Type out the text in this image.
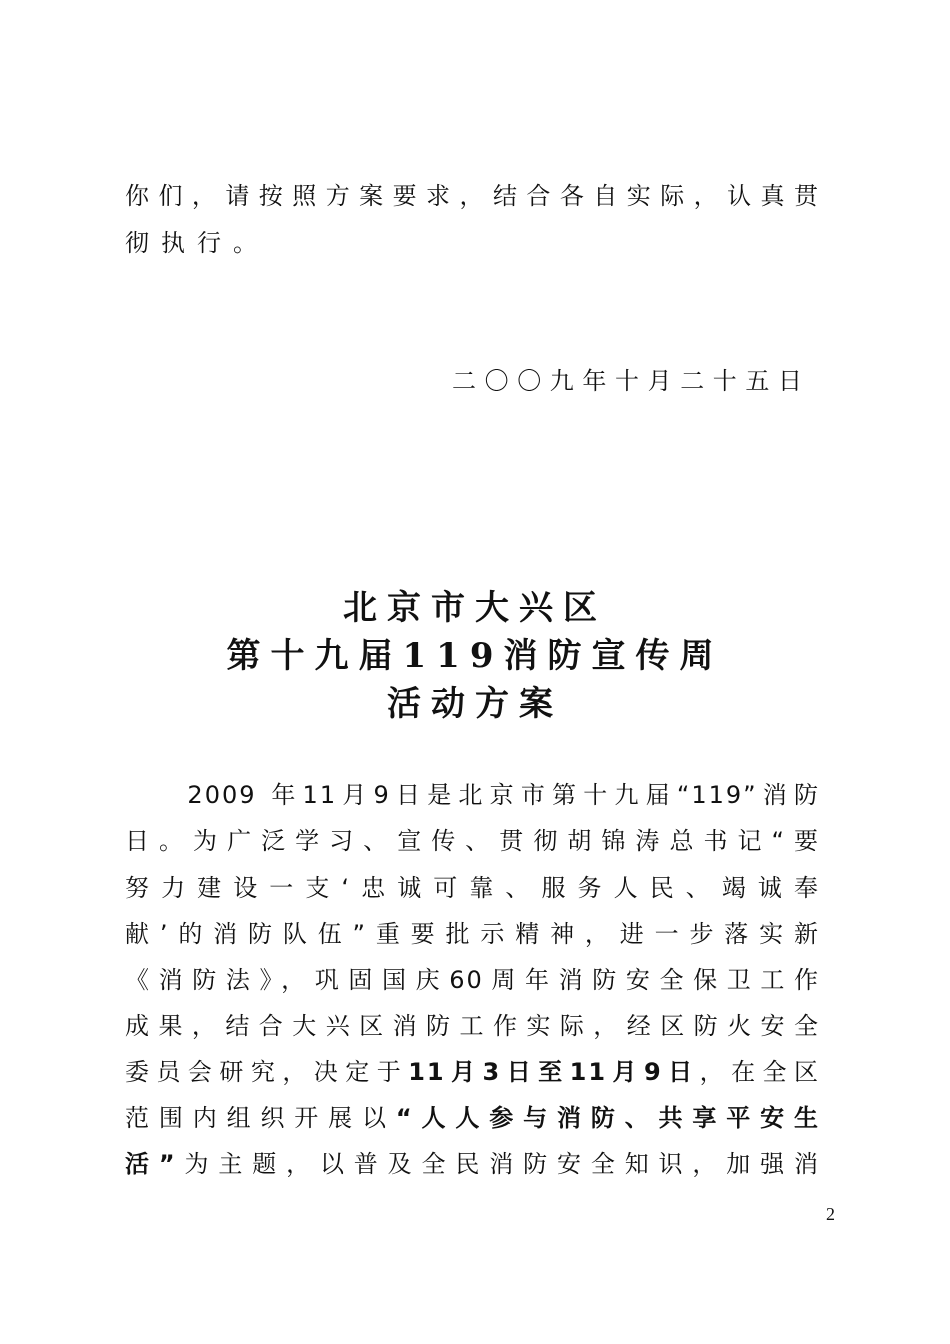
你们，请按照方案要求，结合各自实际，认真贯
彻执行。
二〇〇九年十月二十五日
北京市大兴区
第十九届119消防宣传周
活动方案
　　2009 年11月9日是北京市第十九届“119”消防
日。为广泛学习、宣传、贯彻胡锦涛总书记“要
努力建设一支‘忠诚可靠、服务人民、竭诚奉
献’的消防队伍”重要批示精神，进一步落实新
《消防法》，巩固国庆60周年消防安全保卫工作
成果，结合大兴区消防工作实际，经区防火安全
委员会研究，决定于11月3日至11月9日，在全区
范围内组织开展以“人人参与消防、共享平安生
活”为主题，以普及全民消防安全知识，加强消
2
